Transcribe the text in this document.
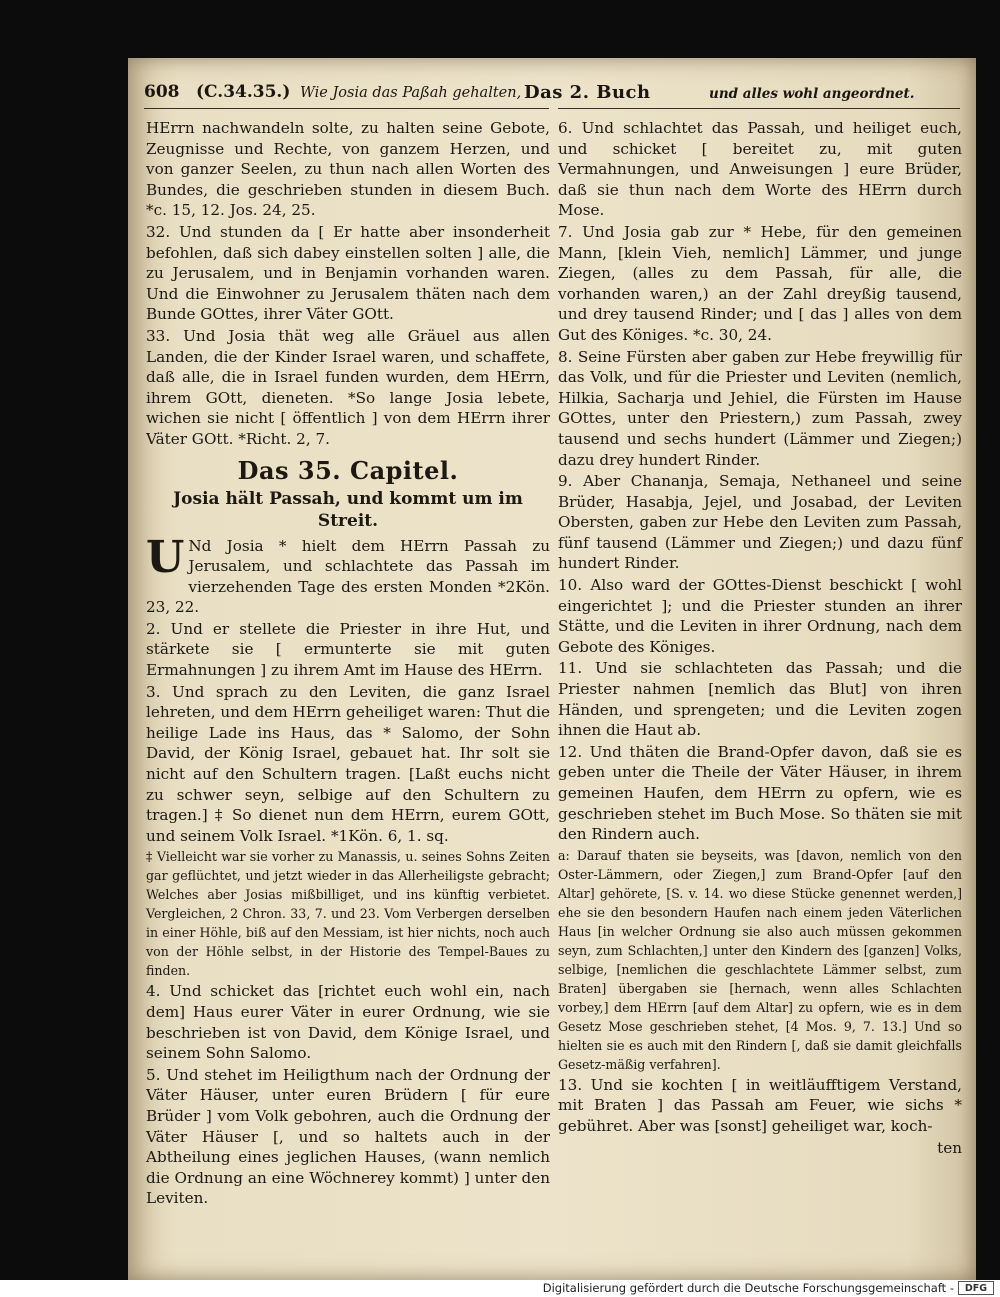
608 (C.34.35.) Wie Josia das Paßah gehalten, Das 2. Buch	und alles wohl angeordnet.

HErrn nachwandeln solte, zu halten seine Gebote, Zeugnisse und Rechte, von ganzem Herzen, und von ganzer Seelen, zu thun nach allen Worten des Bundes, die geschrieben stunden in diesem Buch. *c. 15, 12. Jos. 24, 25.

32. Und stunden da [ Er hatte aber insonderheit befohlen, daß sich dabey einstellen solten ] alle, die zu Jerusalem, und in Benjamin vorhanden waren. Und die Einwohner zu Jerusalem thäten nach dem Bunde GOttes, ihrer Väter GOtt.

33. Und Josia thät weg alle Gräuel aus allen Landen, die der Kinder Israel waren, und schaffete, daß alle, die in Israel funden wurden, dem HErrn, ihrem GOtt, dieneten. *So lange Josia lebete, wichen sie nicht [ öffentlich ] von dem HErrn ihrer Väter GOtt. *Richt. 2, 7.

Das 35. Capitel.
Josia hält Passah, und kommt um im Streit.

U Nd Josia * hielt dem HErrn Passah zu Jerusalem, und schlachtete das Passah im vierzehenden Tage des ersten Monden *2Kön. 23, 22.

2. Und er stellete die Priester in ihre Hut, und stärkete sie [ ermunterte sie mit guten Ermahnungen ] zu ihrem Amt im Hause des HErrn.

3. Und sprach zu den Leviten, die ganz Israel lehreten, und dem HErrn geheiliget waren: Thut die heilige Lade ins Haus, das * Salomo, der Sohn David, der König Israel, gebauet hat. Ihr solt sie nicht auf den Schultern tragen. [Laßt euchs nicht zu schwer seyn, selbige auf den Schultern zu tragen.] ‡ So dienet nun dem HErrn, eurem GOtt, und seinem Volk Israel. *1Kön. 6, 1. sq.

‡ Vielleicht war sie vorher zu Manassis, u. seines Sohns Zeiten gar geflüchtet, und jetzt wieder in das Allerheiligste gebracht; Welches aber Josias mißbilliget, und ins künftig verbietet. Vergleichen, 2 Chron. 33, 7. und 23. Vom Verbergen derselben in einer Höhle, biß auf den Messiam, ist hier nichts, noch auch von der Höhle selbst, in der Historie des Tempel-Baues zu finden.

4. Und schicket das [richtet euch wohl ein, nach dem] Haus eurer Väter in eurer Ordnung, wie sie beschrieben ist von David, dem Könige Israel, und seinem Sohn Salomo.

5. Und stehet im Heiligthum nach der Ordnung der Väter Häuser, unter euren Brüdern [ für eure Brüder ] vom Volk gebohren, auch die Ordnung der Väter Häuser [, und so haltets auch in der Abtheilung eines jeglichen Hauses, (wann nemlich die Ordnung an eine Wöchnerey kommt) ] unter den Leviten.

6. Und schlachtet das Passah, und heiliget euch, und schicket [ bereitet zu, mit guten Vermahnungen, und Anweisungen ] eure Brüder, daß sie thun nach dem Worte des HErrn durch Mose.

7. Und Josia gab zur * Hebe, für den gemeinen Mann, [klein Vieh, nemlich] Lämmer, und junge Ziegen, (alles zu dem Passah, für alle, die vorhanden waren,) an der Zahl dreyßig tausend, und drey tausend Rinder; und [ das ] alles von dem Gut des Königes. *c. 30, 24.

8. Seine Fürsten aber gaben zur Hebe freywillig für das Volk, und für die Priester und Leviten (nemlich, Hilkia, Sacharja und Jehiel, die Fürsten im Hause GOttes, unter den Priestern,) zum Passah, zwey tausend und sechs hundert (Lämmer und Ziegen;) dazu drey hundert Rinder.

9. Aber Chananja, Semaja, Nethaneel und seine Brüder, Hasabja, Jejel, und Josabad, der Leviten Obersten, gaben zur Hebe den Leviten zum Passah, fünf tausend (Lämmer und Ziegen;) und dazu fünf hundert Rinder.

10. Also ward der GOttes-Dienst beschickt [ wohl eingerichtet ]; und die Priester stunden an ihrer Stätte, und die Leviten in ihrer Ordnung, nach dem Gebote des Königes.

11. Und sie schlachteten das Passah; und die Priester nahmen [nemlich das Blut] von ihren Händen, und sprengeten; und die Leviten zogen ihnen die Haut ab.

12. Und thäten die Brand-Opfer davon, daß sie es geben unter die Theile der Väter Häuser, in ihrem gemeinen Haufen, dem HErrn zu opfern, wie es geschrieben stehet im Buch Mose. So thäten sie mit den Rindern auch.

a: Darauf thaten sie beyseits, was [davon, nemlich von den Oster-Lämmern, oder Ziegen,] zum Brand-Opfer [auf den Altar] gehörete, [S. v. 14. wo diese Stücke genennet werden,] ehe sie den besondern Haufen nach einem jeden Väterlichen Haus [in welcher Ordnung sie also auch müssen gekommen seyn, zum Schlachten,] unter den Kindern des [ganzen] Volks, selbige, [nemlichen die geschlachtete Lämmer selbst, zum Braten] übergaben sie [hernach, wenn alles Schlachten vorbey,] dem HErrn [auf dem Altar] zu opfern, wie es in dem Gesetz Mose geschrieben stehet, [4 Mos. 9, 7. 13.] Und so hielten sie es auch mit den Rindern [, daß sie damit gleichfalls Gesetz-mäßig verfahren].

13. Und sie kochten [ in weitläufftigem Verstand, mit Braten ] das Passah am Feuer, wie sichs * gebühret. Aber was [sonst] geheiliget war, koch-

ten

Digitalisierung gefördert durch die Deutsche Forschungsgemeinschaft -	DFG
